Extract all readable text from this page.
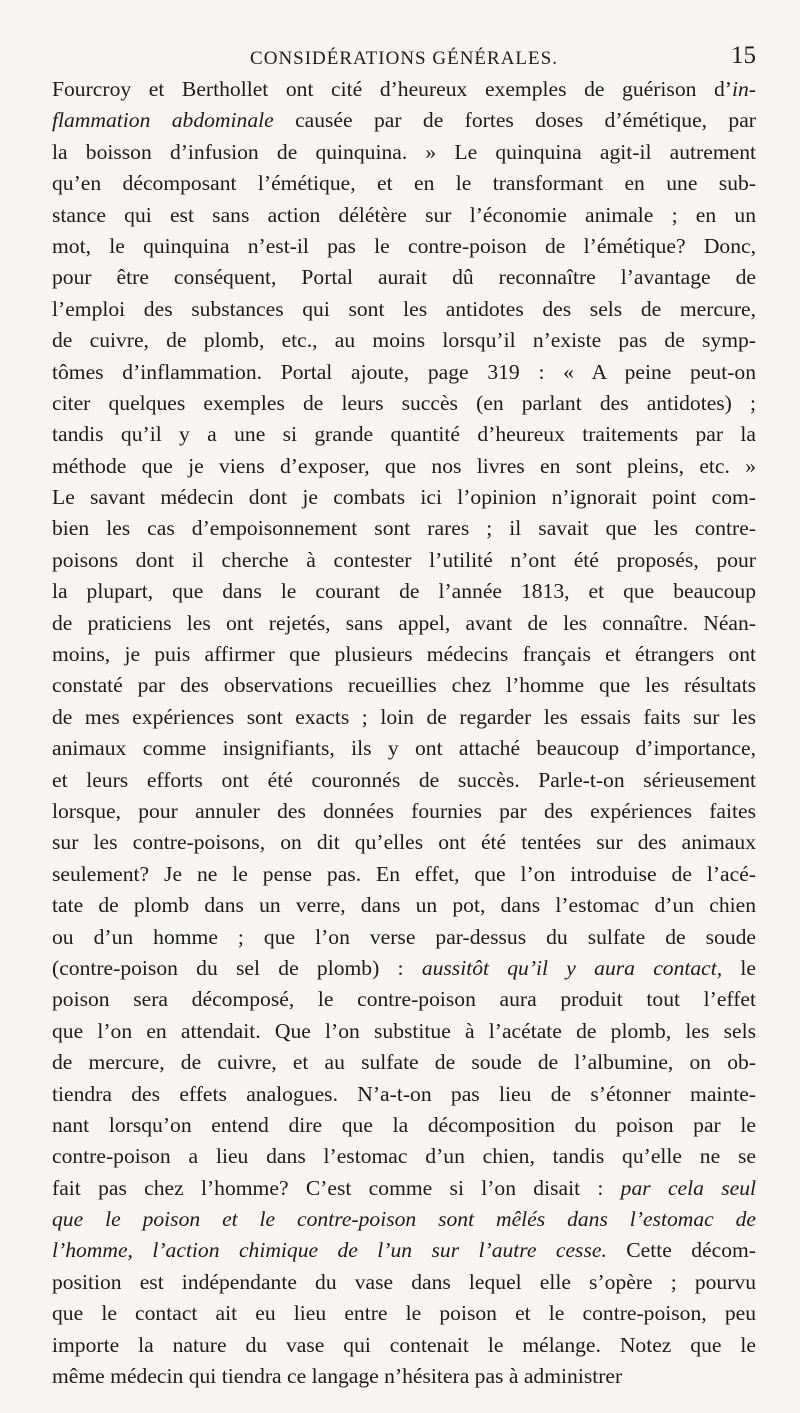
CONSIDÉRATIONS GÉNÉRALES.	15
Fourcroy et Berthollet ont cité d’heureux exemples de guérison d’in-
flammation abdominale causée par de fortes doses d’émétique, par
la boisson d’infusion de quinquina. » Le quinquina agit-il autrement
qu’en décomposant l’émétique, et en le transformant en une sub-
stance qui est sans action délétère sur l’économie animale ; en un
mot, le quinquina n’est-il pas le contre-poison de l’émétique? Donc,
pour être conséquent, Portal aurait dû reconnaître l’avantage de
l’emploi des substances qui sont les antidotes des sels de mercure,
de cuivre, de plomb, etc., au moins lorsqu’il n’existe pas de symp-
tômes d’inflammation. Portal ajoute, page 319 : « A peine peut-on
citer quelques exemples de leurs succès (en parlant des antidotes) ;
tandis qu’il y a une si grande quantité d’heureux traitements par la
méthode que je viens d’exposer, que nos livres en sont pleins, etc. »
Le savant médecin dont je combats ici l’opinion n’ignorait point com-
bien les cas d’empoisonnement sont rares ; il savait que les contre-
poisons dont il cherche à contester l’utilité n’ont été proposés, pour
la plupart, que dans le courant de l’année 1813, et que beaucoup
de praticiens les ont rejetés, sans appel, avant de les connaître. Néan-
moins, je puis affirmer que plusieurs médecins français et étrangers ont
constaté par des observations recueillies chez l’homme que les résultats
de mes expériences sont exacts ; loin de regarder les essais faits sur les
animaux comme insignifiants, ils y ont attaché beaucoup d’importance,
et leurs efforts ont été couronnés de succès. Parle-t-on sérieusement
lorsque, pour annuler des données fournies par des expériences faites
sur les contre-poisons, on dit qu’elles ont été tentées sur des animaux
seulement? Je ne le pense pas. En effet, que l’on introduise de l’acé-
tate de plomb dans un verre, dans un pot, dans l’estomac d’un chien
ou d’un homme ; que l’on verse par-dessus du sulfate de soude
(contre-poison du sel de plomb) : aussitôt qu’il y aura contact, le
poison sera décomposé, le contre-poison aura produit tout l’effet
que l’on en attendait. Que l’on substitue à l’acétate de plomb, les sels
de mercure, de cuivre, et au sulfate de soude de l’albumine, on ob-
tiendra des effets analogues. N’a-t-on pas lieu de s’étonner mainte-
nant lorsqu’on entend dire que la décomposition du poison par le
contre-poison a lieu dans l’estomac d’un chien, tandis qu’elle ne se
fait pas chez l’homme? C’est comme si l’on disait : par cela seul
que le poison et le contre-poison sont mêlés dans l’estomac de
l’homme, l’action chimique de l’un sur l’autre cesse. Cette décom-
position est indépendante du vase dans lequel elle s’opère ; pourvu
que le contact ait eu lieu entre le poison et le contre-poison, peu
importe la nature du vase qui contenait le mélange. Notez que le
même médecin qui tiendra ce langage n’hésitera pas à administrer
